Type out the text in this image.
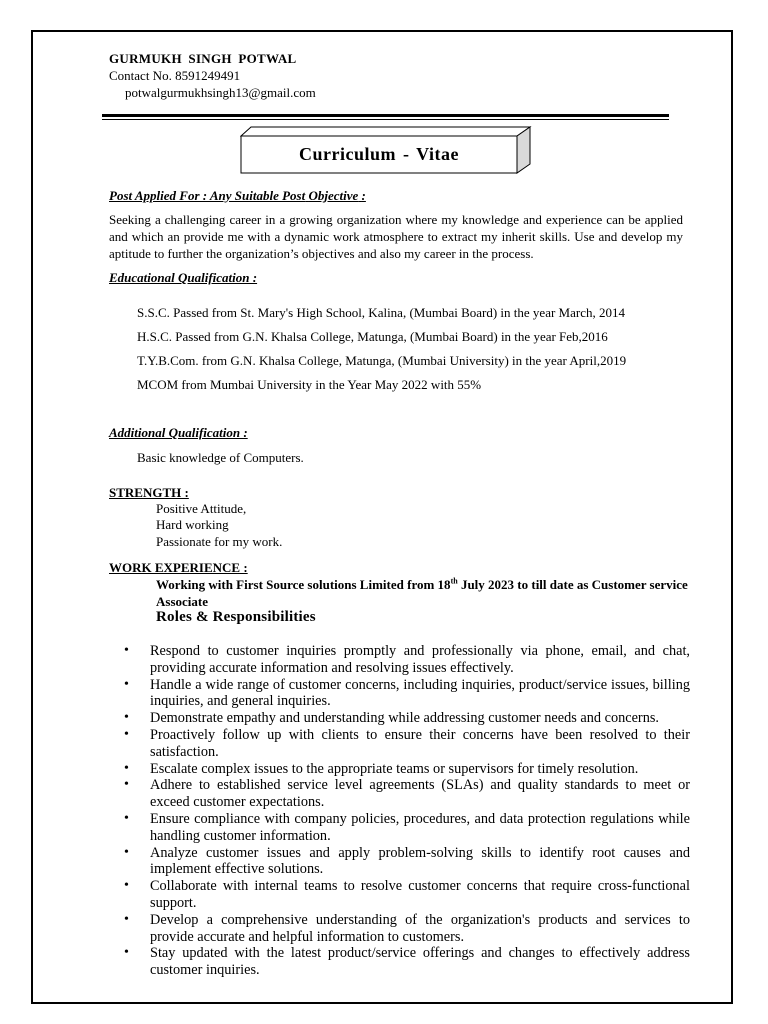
GURMUKH SINGH POTWAL
Contact No. 8591249491
potwalgurmukhsingh13@gmail.com
Curriculum - Vitae
Post Applied For : Any Suitable Post Objective :
Seeking a challenging career in a growing organization where my knowledge and experience can be applied and which an provide me with a dynamic work atmosphere to extract my inherit skills. Use and develop my aptitude to further the organization’s objectives and also my career in the process.
Educational Qualification :
S.S.C. Passed from St. Mary's High School, Kalina, (Mumbai Board) in the year March, 2014
H.S.C. Passed from G.N. Khalsa College, Matunga, (Mumbai Board) in the year Feb,2016
T.Y.B.Com. from G.N. Khalsa College, Matunga, (Mumbai University) in the year April,2019
MCOM from Mumbai University in the Year May 2022 with 55%
Additional Qualification :
Basic knowledge of Computers.
STRENGTH :
Positive Attitude,
Hard working
Passionate for my work.
WORK EXPERIENCE :
Working with First Source solutions Limited from 18th July 2023 to till date as Customer service Associate
Roles & Responsibilities
• Respond to customer inquiries promptly and professionally via phone, email, and chat, providing accurate information and resolving issues effectively.
• Handle a wide range of customer concerns, including inquiries, product/service issues, billing inquiries, and general inquiries.
• Demonstrate empathy and understanding while addressing customer needs and concerns.
• Proactively follow up with clients to ensure their concerns have been resolved to their satisfaction.
• Escalate complex issues to the appropriate teams or supervisors for timely resolution.
• Adhere to established service level agreements (SLAs) and quality standards to meet or exceed customer expectations.
• Ensure compliance with company policies, procedures, and data protection regulations while handling customer information.
• Analyze customer issues and apply problem-solving skills to identify root causes and implement effective solutions.
• Collaborate with internal teams to resolve customer concerns that require cross-functional support.
• Develop a comprehensive understanding of the organization's products and services to provide accurate and helpful information to customers.
• Stay updated with the latest product/service offerings and changes to effectively address customer inquiries.
